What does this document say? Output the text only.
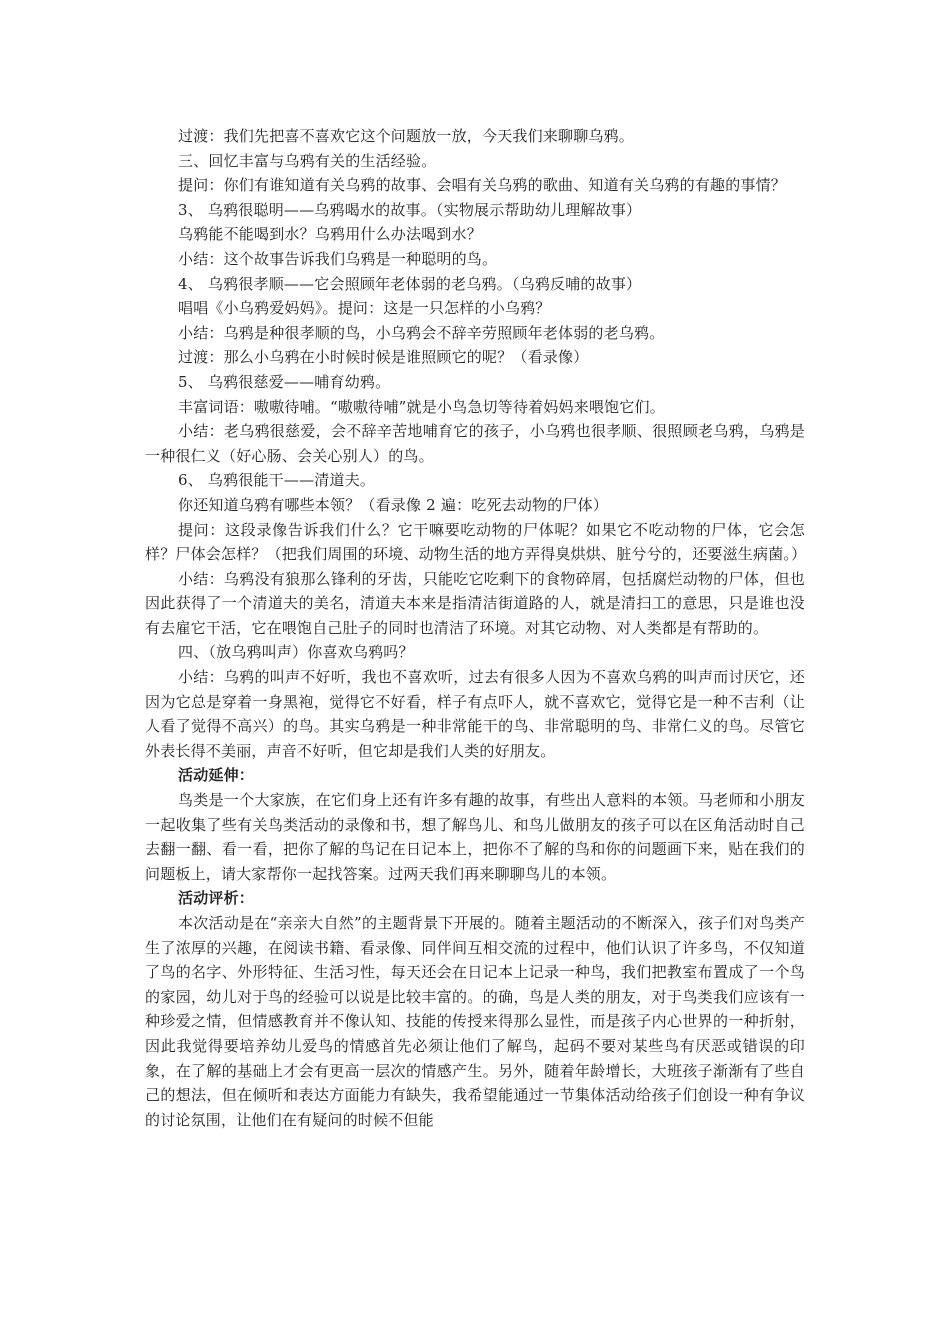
过渡：我们先把喜不喜欢它这个问题放一放，今天我们来聊聊乌鸦。

三、回忆丰富与乌鸦有关的生活经验。

提问：你们有谁知道有关乌鸦的故事、会唱有关乌鸦的歌曲、知道有关乌鸦的有趣的事情？

3、 乌鸦很聪明——乌鸦喝水的故事。（实物展示帮助幼儿理解故事）

乌鸦能不能喝到水？乌鸦用什么办法喝到水？

小结：这个故事告诉我们乌鸦是一种聪明的鸟。

4、 乌鸦很孝顺——它会照顾年老体弱的老乌鸦。（乌鸦反哺的故事）

唱唱《小乌鸦爱妈妈》。提问：这是一只怎样的小乌鸦？

小结：乌鸦是种很孝顺的鸟，小乌鸦会不辞辛劳照顾年老体弱的老乌鸦。

过渡：那么小乌鸦在小时候时候是谁照顾它的呢？（看录像）

5、 乌鸦很慈爱——哺育幼鸦。

丰富词语：嗷嗷待哺。“嗷嗷待哺”就是小鸟急切等待着妈妈来喂饱它们。

小结：老乌鸦很慈爱，会不辞辛苦地哺育它的孩子，小乌鸦也很孝顺、很照顾老乌鸦，乌鸦是一种很仁义（好心肠、会关心别人）的鸟。

6、 乌鸦很能干——清道夫。

你还知道乌鸦有哪些本领？（看录像 2 遍：吃死去动物的尸体）

提问：这段录像告诉我们什么？它干嘛要吃动物的尸体呢？如果它不吃动物的尸体，它会怎样？尸体会怎样？（把我们周围的环境、动物生活的地方弄得臭烘烘、脏兮兮的，还要滋生病菌。）

小结：乌鸦没有狼那么锋利的牙齿，只能吃它吃剩下的食物碎屑，包括腐烂动物的尸体，但也因此获得了一个清道夫的美名，清道夫本来是指清洁街道路的人，就是清扫工的意思，只是谁也没有去雇它干活，它在喂饱自己肚子的同时也清洁了环境。对其它动物、对人类都是有帮助的。

四、（放乌鸦叫声）你喜欢乌鸦吗？

小结：乌鸦的叫声不好听，我也不喜欢听，过去有很多人因为不喜欢乌鸦的叫声而讨厌它，还因为它总是穿着一身黑袍，觉得它不好看，样子有点吓人，就不喜欢它，觉得它是一种不吉利（让人看了觉得不高兴）的鸟。其实乌鸦是一种非常能干的鸟、非常聪明的鸟、非常仁义的鸟。尽管它外表长得不美丽，声音不好听，但它却是我们人类的好朋友。

活动延伸：

鸟类是一个大家族，在它们身上还有许多有趣的故事，有些出人意料的本领。马老师和小朋友一起收集了些有关鸟类活动的录像和书，想了解鸟儿、和鸟儿做朋友的孩子可以在区角活动时自己去翻一翻、看一看，把你了解的鸟记在日记本上，把你不了解的鸟和你的问题画下来，贴在我们的问题板上，请大家帮你一起找答案。过两天我们再来聊聊鸟儿的本领。

活动评析：

本次活动是在“亲亲大自然”的主题背景下开展的。随着主题活动的不断深入，孩子们对鸟类产生了浓厚的兴趣，在阅读书籍、看录像、同伴间互相交流的过程中，他们认识了许多鸟，不仅知道了鸟的名字、外形特征、生活习性，每天还会在日记本上记录一种鸟，我们把教室布置成了一个鸟的家园，幼儿对于鸟的经验可以说是比较丰富的。的确，鸟是人类的朋友，对于鸟类我们应该有一种珍爱之情，但情感教育并不像认知、技能的传授来得那么显性，而是孩子内心世界的一种折射，因此我觉得要培养幼儿爱鸟的情感首先必须让他们了解鸟，起码不要对某些鸟有厌恶或错误的印象，在了解的基础上才会有更高一层次的情感产生。另外，随着年龄增长，大班孩子渐渐有了些自己的想法，但在倾听和表达方面能力有缺失，我希望能通过一节集体活动给孩子们创设一种有争议的讨论氛围，让他们在有疑问的时候不但能
